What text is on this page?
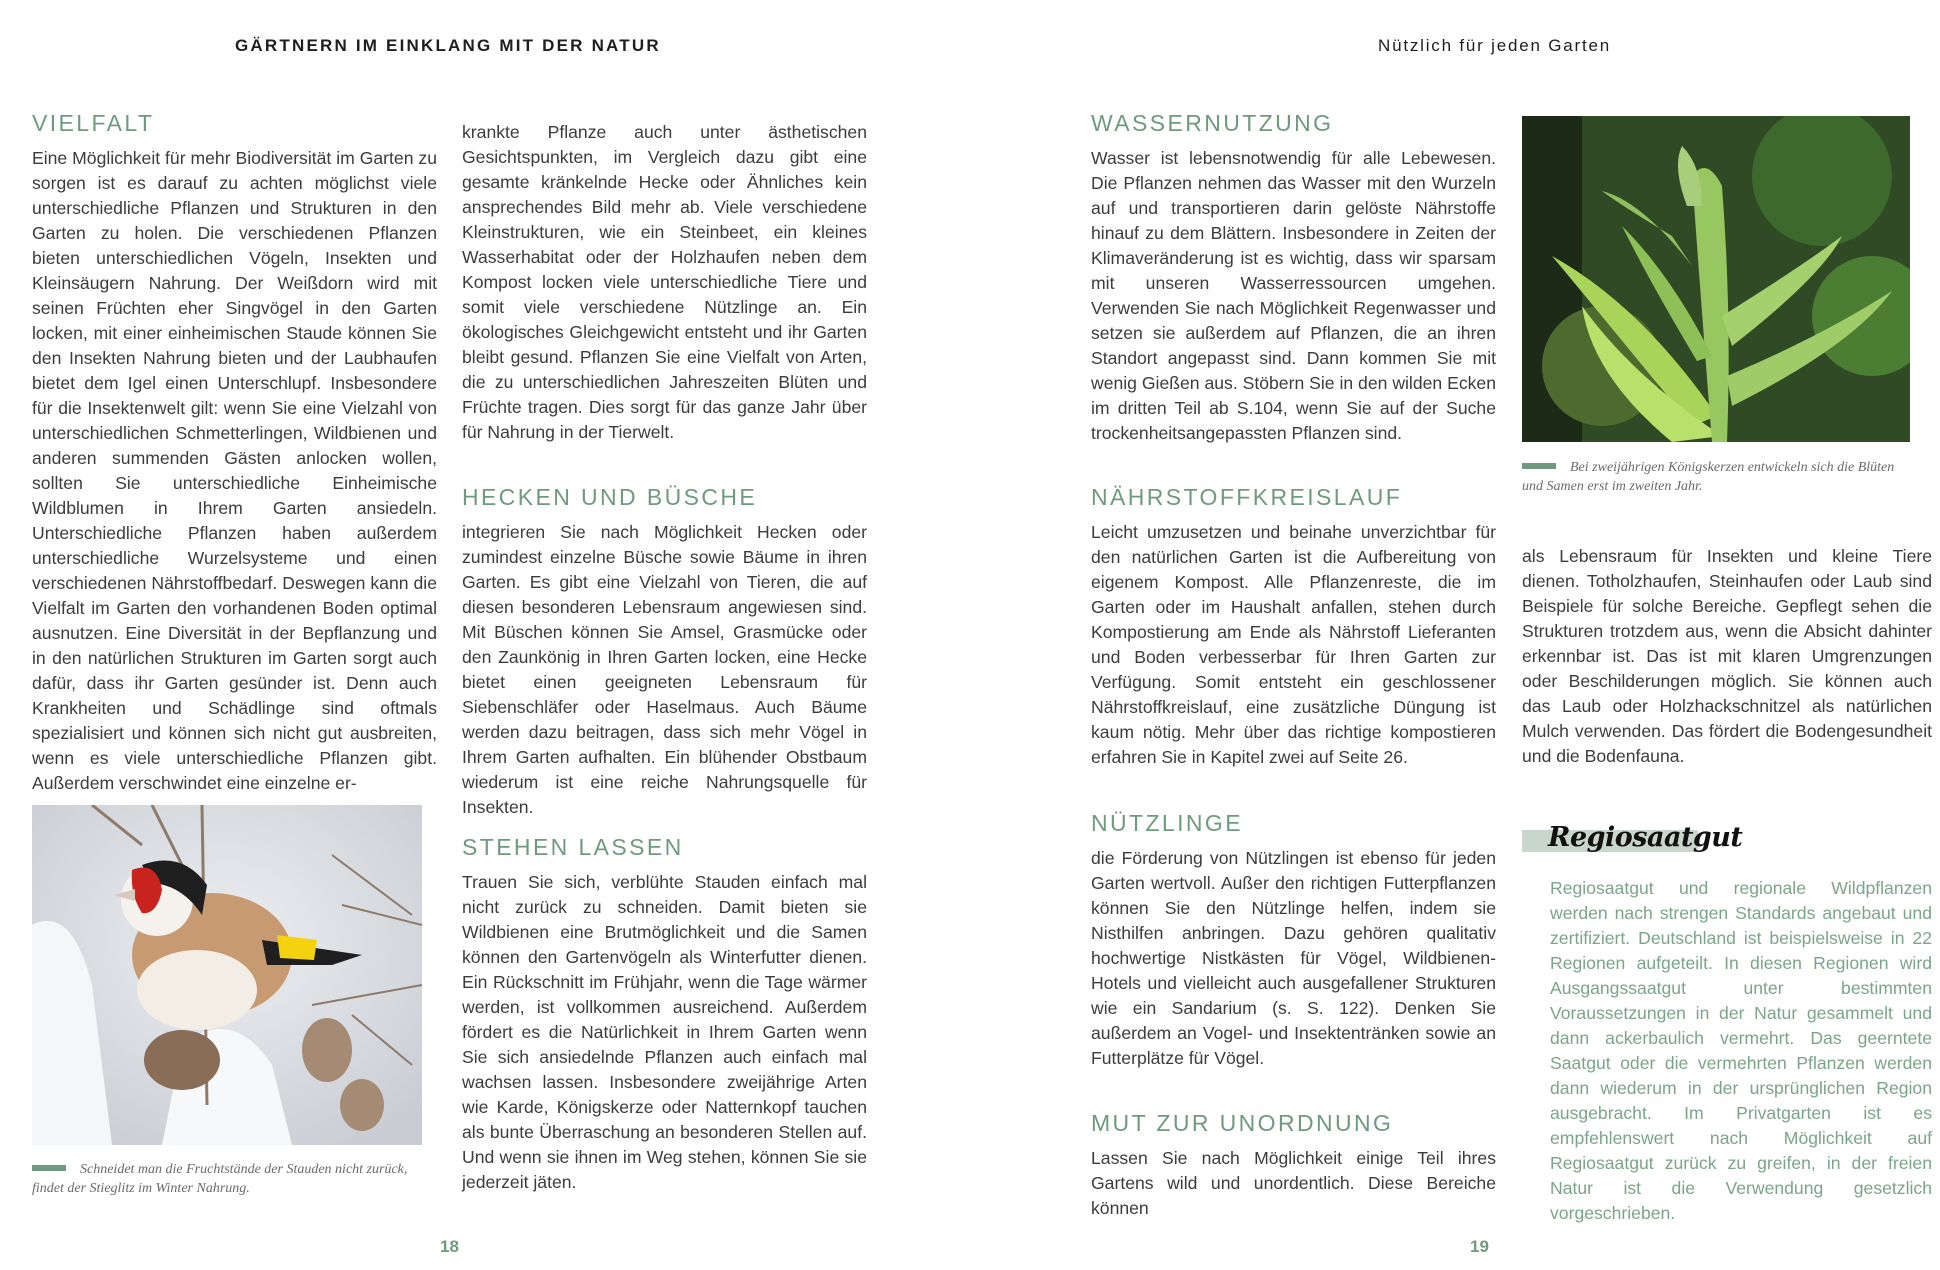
GÄRTNERN IM EINKLANG MIT DER NATUR
VIELFALT

Eine Möglichkeit für mehr Biodiversität im Garten zu sorgen ist es darauf zu achten möglichst viele unterschiedliche Pflanzen und Strukturen in den Garten zu holen. Die verschiedenen Pflanzen bieten unterschiedlichen Vögeln, Insekten und Kleinsäugern Nahrung. Der Weißdorn wird mit seinen Früchten eher Singvögel in den Garten locken, mit einer einheimischen Staude können Sie den Insekten Nahrung bieten und der Laubhaufen bietet dem Igel einen Unterschlupf. Insbesondere für die Insektenwelt gilt: wenn Sie eine Vielzahl von unterschiedlichen Schmetterlingen, Wildbienen und anderen summenden Gästen anlocken wollen, sollten Sie unterschiedliche Einheimische Wildblumen in Ihrem Garten ansiedeln. Unterschiedliche Pflanzen haben außerdem unterschiedliche Wurzelsysteme und einen verschiedenen Nährstoffbedarf. Deswegen kann die Vielfalt im Garten den vorhandenen Boden optimal ausnutzen. Eine Diversität in der Bepflanzung und in den natürlichen Strukturen im Garten sorgt auch dafür, dass ihr Garten gesünder ist. Denn auch Krankheiten und Schädlinge sind oftmals spezialisiert und können sich nicht gut ausbreiten, wenn es viele unterschiedliche Pflanzen gibt. Außerdem verschwindet eine einzelne er-

Schneidet man die Fruchtstände der Stauden nicht zurück, findet der Stieglitz im Winter Nahrung.

krankte Pflanze auch unter ästhetischen Gesichtspunkten, im Vergleich dazu gibt eine gesamte kränkelnde Hecke oder Ähnliches kein ansprechendes Bild mehr ab. Viele verschiedene Kleinstrukturen, wie ein Steinbeet, ein kleines Wasserhabitat oder der Holzhaufen neben dem Kompost locken viele unterschiedliche Tiere und somit viele verschiedene Nützlinge an. Ein ökologisches Gleichgewicht entsteht und ihr Garten bleibt gesund. Pflanzen Sie eine Vielfalt von Arten, die zu unterschiedlichen Jahreszeiten Blüten und Früchte tragen. Dies sorgt für das ganze Jahr über für Nahrung in der Tierwelt.

HECKEN UND BÜSCHE

integrieren Sie nach Möglichkeit Hecken oder zumindest einzelne Büsche sowie Bäume in ihren Garten. Es gibt eine Vielzahl von Tieren, die auf diesen besonderen Lebensraum angewiesen sind. Mit Büschen können Sie Amsel, Grasmücke oder den Zaunkönig in Ihren Garten locken, eine Hecke bietet einen geeigneten Lebensraum für Siebenschläfer oder Haselmaus. Auch Bäume werden dazu beitragen, dass sich mehr Vögel in Ihrem Garten aufhalten. Ein blühender Obstbaum wiederum ist eine reiche Nahrungsquelle für Insekten.

STEHEN LASSEN

Trauen Sie sich, verblühte Stauden einfach mal nicht zurück zu schneiden. Damit bieten sie Wildbienen eine Brutmöglichkeit und die Samen können den Gartenvögeln als Winterfutter dienen. Ein Rückschnitt im Frühjahr, wenn die Tage wärmer werden, ist vollkommen ausreichend. Außerdem fördert es die Natürlichkeit in Ihrem Garten wenn Sie sich ansiedelnde Pflanzen auch einfach mal wachsen lassen. Insbesondere zweijährige Arten wie Karde, Königskerze oder Natternkopf tauchen als bunte Überraschung an besonderen Stellen auf. Und wenn sie ihnen im Weg stehen, können Sie sie jederzeit jäten.

18
Nützlich für jeden Garten
WASSERNUTZUNG

Wasser ist lebensnotwendig für alle Lebewesen. Die Pflanzen nehmen das Wasser mit den Wurzeln auf und transportieren darin gelöste Nährstoffe hinauf zu dem Blättern. Insbesondere in Zeiten der Klimaveränderung ist es wichtig, dass wir sparsam mit unseren Wasserressourcen umgehen. Verwenden Sie nach Möglichkeit Regenwasser und setzen sie außerdem auf Pflanzen, die an ihren Standort angepasst sind. Dann kommen Sie mit wenig Gießen aus. Stöbern Sie in den wilden Ecken im dritten Teil ab S.104, wenn Sie auf der Suche trockenheitsangepassten Pflanzen sind.

NÄHRSTOFFKREISLAUF

Leicht umzusetzen und beinahe unverzichtbar für den natürlichen Garten ist die Aufbereitung von eigenem Kompost. Alle Pflanzenreste, die im Garten oder im Haushalt anfallen, stehen durch Kompostierung am Ende als Nährstoff Lieferanten und Boden verbesserbar für Ihren Garten zur Verfügung. Somit entsteht ein geschlossener Nährstoffkreislauf, eine zusätzliche Düngung ist kaum nötig. Mehr über das richtige kompostieren erfahren Sie in Kapitel zwei auf Seite 26.

NÜTZLINGE

die Förderung von Nützlingen ist ebenso für jeden Garten wertvoll. Außer den richtigen Futterpflanzen können Sie den Nützlinge helfen, indem sie Nisthilfen anbringen. Dazu gehören qualitativ hochwertige Nistkästen für Vögel, Wildbienen-Hotels und vielleicht auch ausgefallener Strukturen wie ein Sandarium (s. S. 122). Denken Sie außerdem an Vogel- und Insektentränken sowie an Futterplätze für Vögel.

MUT ZUR UNORDNUNG

Lassen Sie nach Möglichkeit einige Teil ihres Gartens wild und unordentlich. Diese Bereiche können

Bei zweijährigen Königskerzen entwickeln sich die Blüten und Samen erst im zweiten Jahr.

als Lebensraum für Insekten und kleine Tiere dienen. Totholzhaufen, Steinhaufen oder Laub sind Beispiele für solche Bereiche. Gepflegt sehen die Strukturen trotzdem aus, wenn die Absicht dahinter erkennbar ist. Das ist mit klaren Umgrenzungen oder Beschilderungen möglich. Sie können auch das Laub oder Holzhackschnitzel als natürlichen Mulch verwenden. Das fördert die Bodengesundheit und die Bodenfauna.

Regiosaatgut

Regiosaatgut und regionale Wildpflanzen werden nach strengen Standards angebaut und zertifiziert. Deutschland ist beispielsweise in 22 Regionen aufgeteilt. In diesen Regionen wird Ausgangssaatgut unter bestimmten Voraussetzungen in der Natur gesammelt und dann ackerbaulich vermehrt. Das geerntete Saatgut oder die vermehrten Pflanzen werden dann wiederum in der ursprünglichen Region ausgebracht. Im Privatgarten ist es empfehlenswert nach Möglichkeit auf Regiosaatgut zurück zu greifen, in der freien Natur ist die Verwendung gesetzlich vorgeschrieben.

19
